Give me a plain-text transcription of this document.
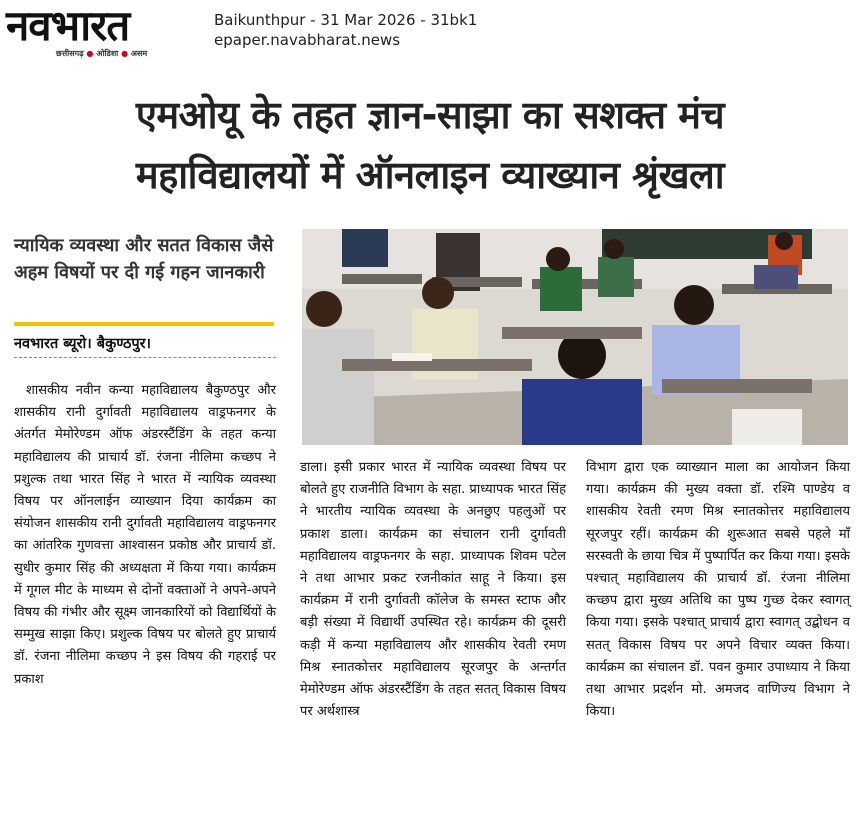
नवभारत
छत्तीसगढ़ ● ओडिशा ● असम
Baikunthpur - 31 Mar 2026 - 31bk1
epaper.navabharat.news
एमओयू के तहत ज्ञान-साझा का सशक्त मंच
महाविद्यालयों में ऑनलाइन व्याख्यान श्रृंखला
न्यायिक व्यवस्था और सतत विकास जैसे अहम विषयों पर दी गई गहन जानकारी
नवभारत ब्यूरो। बैकुण्ठपुर।
शासकीय नवीन कन्या महाविद्यालय बैकुण्ठपुर और शासकीय रानी दुर्गावती महाविद्यालय वाड्रफनगर के अंतर्गत मेमोरेण्डम ऑफ अंडरस्टैंडिंग के तहत कन्या महाविद्यालय की प्राचार्य डॉ. रंजना नीलिमा कच्छप ने प्रशुल्क तथा भारत सिंह ने भारत में न्यायिक व्यवस्था विषय पर ऑनलाईन व्याख्यान दिया कार्यक्रम का संयोजन शासकीय रानी दुर्गावती महाविद्यालय वाड्रफनगर का आंतरिक गुणवत्ता आश्वासन प्रकोष्ठ और प्राचार्य डॉ. सुधीर कुमार सिंह की अध्यक्षता में किया गया। कार्यक्रम में गूगल मीट के माध्यम से दोनों वक्ताओं ने अपने-अपने विषय की गंभीर और सूक्ष्म जानकारियों को विद्यार्थियों के सम्मुख साझा किए। प्रशुल्क विषय पर बोलते हुए प्राचार्य डॉ. रंजना नीलिमा कच्छप ने इस विषय की गहराई पर प्रकाश
डाला। इसी प्रकार भारत में न्यायिक व्यवस्था विषय पर बोलते हुए राजनीति विभाग के सहा. प्राध्यापक भारत सिंह ने भारतीय न्यायिक व्यवस्था के अनछुए पहलुओं पर प्रकाश डाला। कार्यक्रम का संचालन रानी दुर्गावती महाविद्यालय वाड्रफनगर के सहा. प्राध्यापक शिवम पटेल ने तथा आभार प्रकट रजनीकांत साहू ने किया। इस कार्यक्रम में रानी दुर्गावती कॉलेज के समस्त स्टाफ और बड़ी संख्या में विद्यार्थी उपस्थित रहे। कार्यक्रम की दूसरी कड़ी में कन्या महाविद्यालय और शासकीय रेवती रमण मिश्र स्नातकोत्तर महाविद्यालय सूरजपुर के अन्तर्गत मेमोरेण्डम ऑफ अंडरस्टैंडिंग के तहत सतत् विकास विषय पर अर्थशास्त्र
विभाग द्वारा एक व्याख्यान माला का आयोजन किया गया। कार्यक्रम की मुख्य वक्ता डॉ. रश्मि पाण्डेय व शासकीय रेवती रमण मिश्र स्नातकोत्तर महाविद्यालय सूरजपुर रहीं। कार्यक्रम की शुरूआत सबसे पहले माँ सरस्वती के छाया चित्र में पुष्पार्पित कर किया गया। इसके पश्चात् महाविद्यालय की प्राचार्य डॉ. रंजना नीलिमा कच्छप द्वारा मुख्य अतिथि का पुष्प गुच्छ देकर स्वागत् किया गया। इसके पश्चात् प्राचार्य द्वारा स्वागत् उद्बोधन व सतत् विकास विषय पर अपने विचार व्यक्त किया। कार्यक्रम का संचालन डॉ. पवन कुमार उपाध्याय ने किया तथा आभार प्रदर्शन मो. अमजद वाणिज्य विभाग ने किया।
